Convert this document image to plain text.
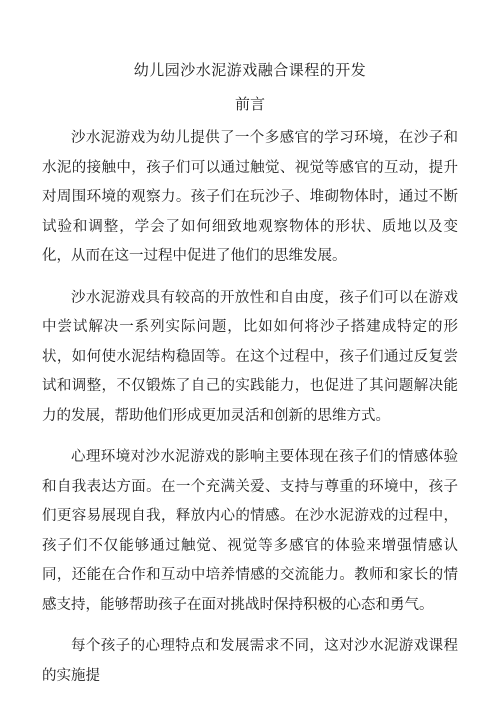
幼儿园沙水泥游戏融合课程的开发
前言

沙水泥游戏为幼儿提供了一个多感官的学习环境，在沙子和水泥的接触中，孩子们可以通过触觉、视觉等感官的互动，提升对周围环境的观察力。孩子们在玩沙子、堆砌物体时，通过不断试验和调整，学会了如何细致地观察物体的形状、质地以及变化，从而在这一过程中促进了他们的思维发展。

沙水泥游戏具有较高的开放性和自由度，孩子们可以在游戏中尝试解决一系列实际问题，比如如何将沙子搭建成特定的形状，如何使水泥结构稳固等。在这个过程中，孩子们通过反复尝试和调整，不仅锻炼了自己的实践能力，也促进了其问题解决能力的发展，帮助他们形成更加灵活和创新的思维方式。

心理环境对沙水泥游戏的影响主要体现在孩子们的情感体验和自我表达方面。在一个充满关爱、支持与尊重的环境中，孩子们更容易展现自我，释放内心的情感。在沙水泥游戏的过程中，孩子们不仅能够通过触觉、视觉等多感官的体验来增强情感认同，还能在合作和互动中培养情感的交流能力。教师和家长的情感支持，能够帮助孩子在面对挑战时保持积极的心态和勇气。

每个孩子的心理特点和发展需求不同，这对沙水泥游戏课程的实施提
